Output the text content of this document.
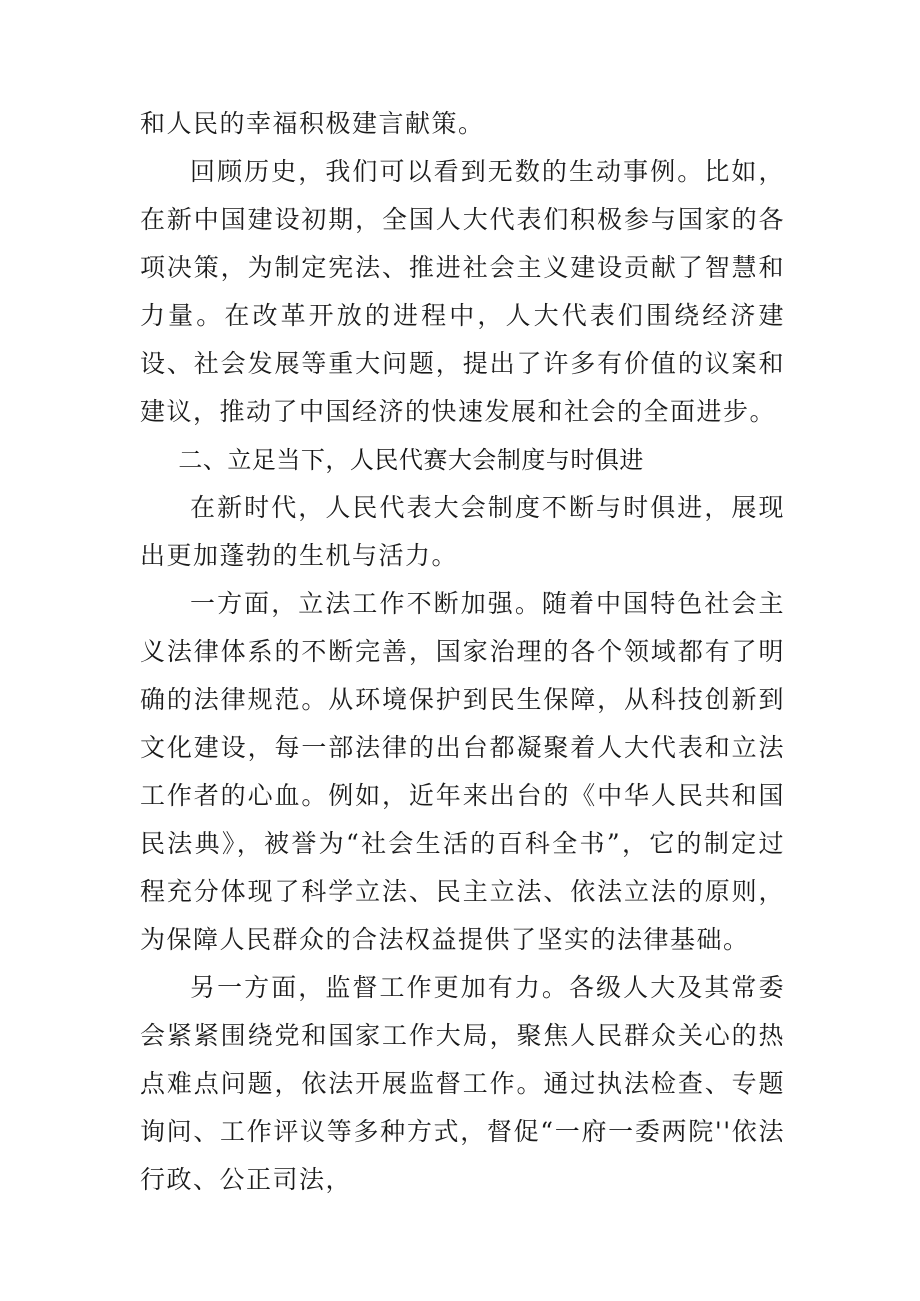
和人民的幸福积极建言献策。

回顾历史，我们可以看到无数的生动事例。比如，在新中国建设初期，全国人大代表们积极参与国家的各项决策，为制定宪法、推进社会主义建设贡献了智慧和力量。在改革开放的进程中，人大代表们围绕经济建设、社会发展等重大问题，提出了许多有价值的议案和建议，推动了中国经济的快速发展和社会的全面进步。

二、立足当下，人民代赛大会制度与时俱进

在新时代，人民代表大会制度不断与时俱进，展现出更加蓬勃的生机与活力。

一方面，立法工作不断加强。随着中国特色社会主义法律体系的不断完善，国家治理的各个领域都有了明确的法律规范。从环境保护到民生保障，从科技创新到文化建设，每一部法律的出台都凝聚着人大代表和立法工作者的心血。例如，近年来出台的《中华人民共和国民法典》，被誉为“社会生活的百科全书”，它的制定过程充分体现了科学立法、民主立法、依法立法的原则，为保障人民群众的合法权益提供了坚实的法律基础。

另一方面，监督工作更加有力。各级人大及其常委会紧紧围绕党和国家工作大局，聚焦人民群众关心的热点难点问题，依法开展监督工作。通过执法检查、专题询问、工作评议等多种方式，督促“一府一委两院''依法行政、公正司法，
